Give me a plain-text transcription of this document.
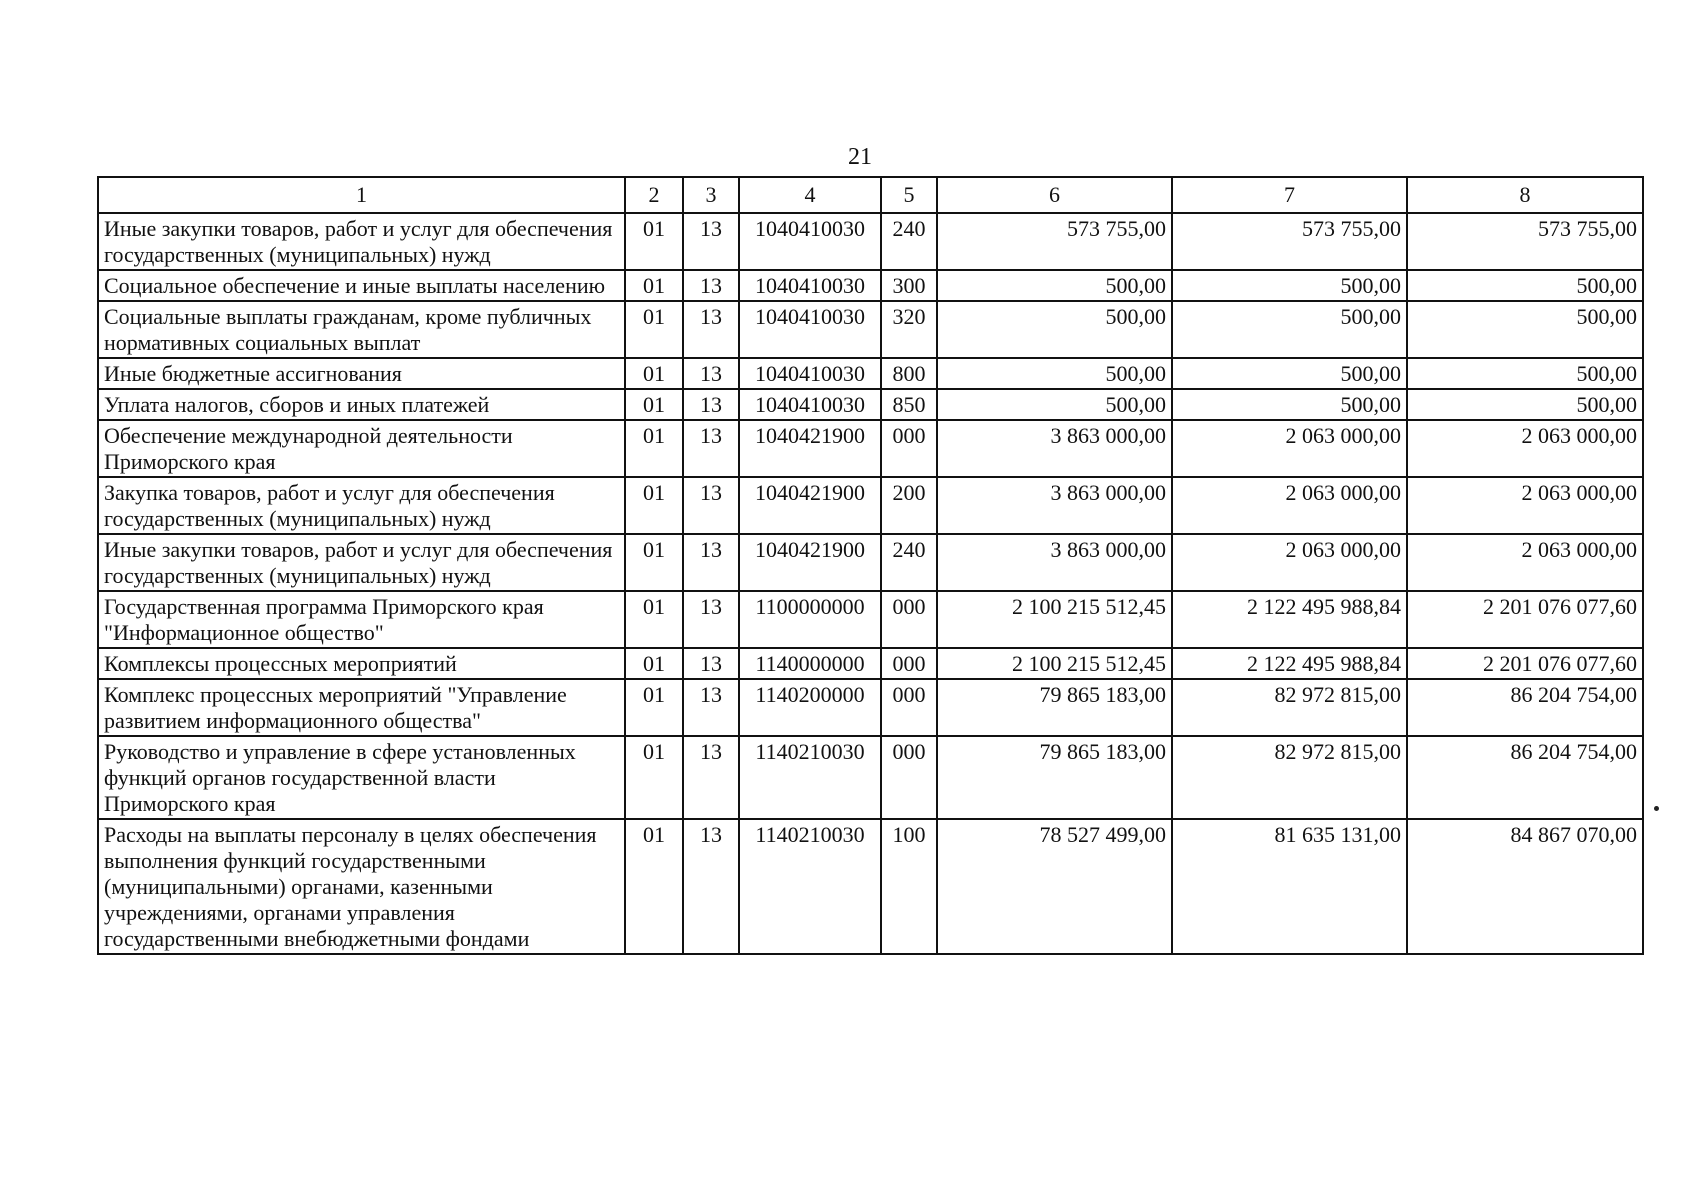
21
1	2	3	4	5	6	7	8
Иные закупки товаров, работ и услуг для обеспечения государственных (муниципальных) нужд	01	13	1040410030	240	573 755,00	573 755,00	573 755,00
Социальное обеспечение и иные выплаты населению	01	13	1040410030	300	500,00	500,00	500,00
Социальные выплаты гражданам, кроме публичных нормативных социальных выплат	01	13	1040410030	320	500,00	500,00	500,00
Иные бюджетные ассигнования	01	13	1040410030	800	500,00	500,00	500,00
Уплата налогов, сборов и иных платежей	01	13	1040410030	850	500,00	500,00	500,00
Обеспечение международной деятельности Приморского края	01	13	1040421900	000	3 863 000,00	2 063 000,00	2 063 000,00
Закупка товаров, работ и услуг для обеспечения государственных (муниципальных) нужд	01	13	1040421900	200	3 863 000,00	2 063 000,00	2 063 000,00
Иные закупки товаров, работ и услуг для обеспечения государственных (муниципальных) нужд	01	13	1040421900	240	3 863 000,00	2 063 000,00	2 063 000,00
Государственная программа Приморского края "Информационное общество"	01	13	1100000000	000	2 100 215 512,45	2 122 495 988,84	2 201 076 077,60
Комплексы процессных мероприятий	01	13	1140000000	000	2 100 215 512,45	2 122 495 988,84	2 201 076 077,60
Комплекс процессных мероприятий "Управление развитием информационного общества"	01	13	1140200000	000	79 865 183,00	82 972 815,00	86 204 754,00
Руководство и управление в сфере установленных функций органов государственной власти Приморского края	01	13	1140210030	000	79 865 183,00	82 972 815,00	86 204 754,00
Расходы на выплаты персоналу в целях обеспечения выполнения функций государственными (муниципальными) органами, казенными учреждениями, органами управления государственными внебюджетными фондами	01	13	1140210030	100	78 527 499,00	81 635 131,00	84 867 070,00
